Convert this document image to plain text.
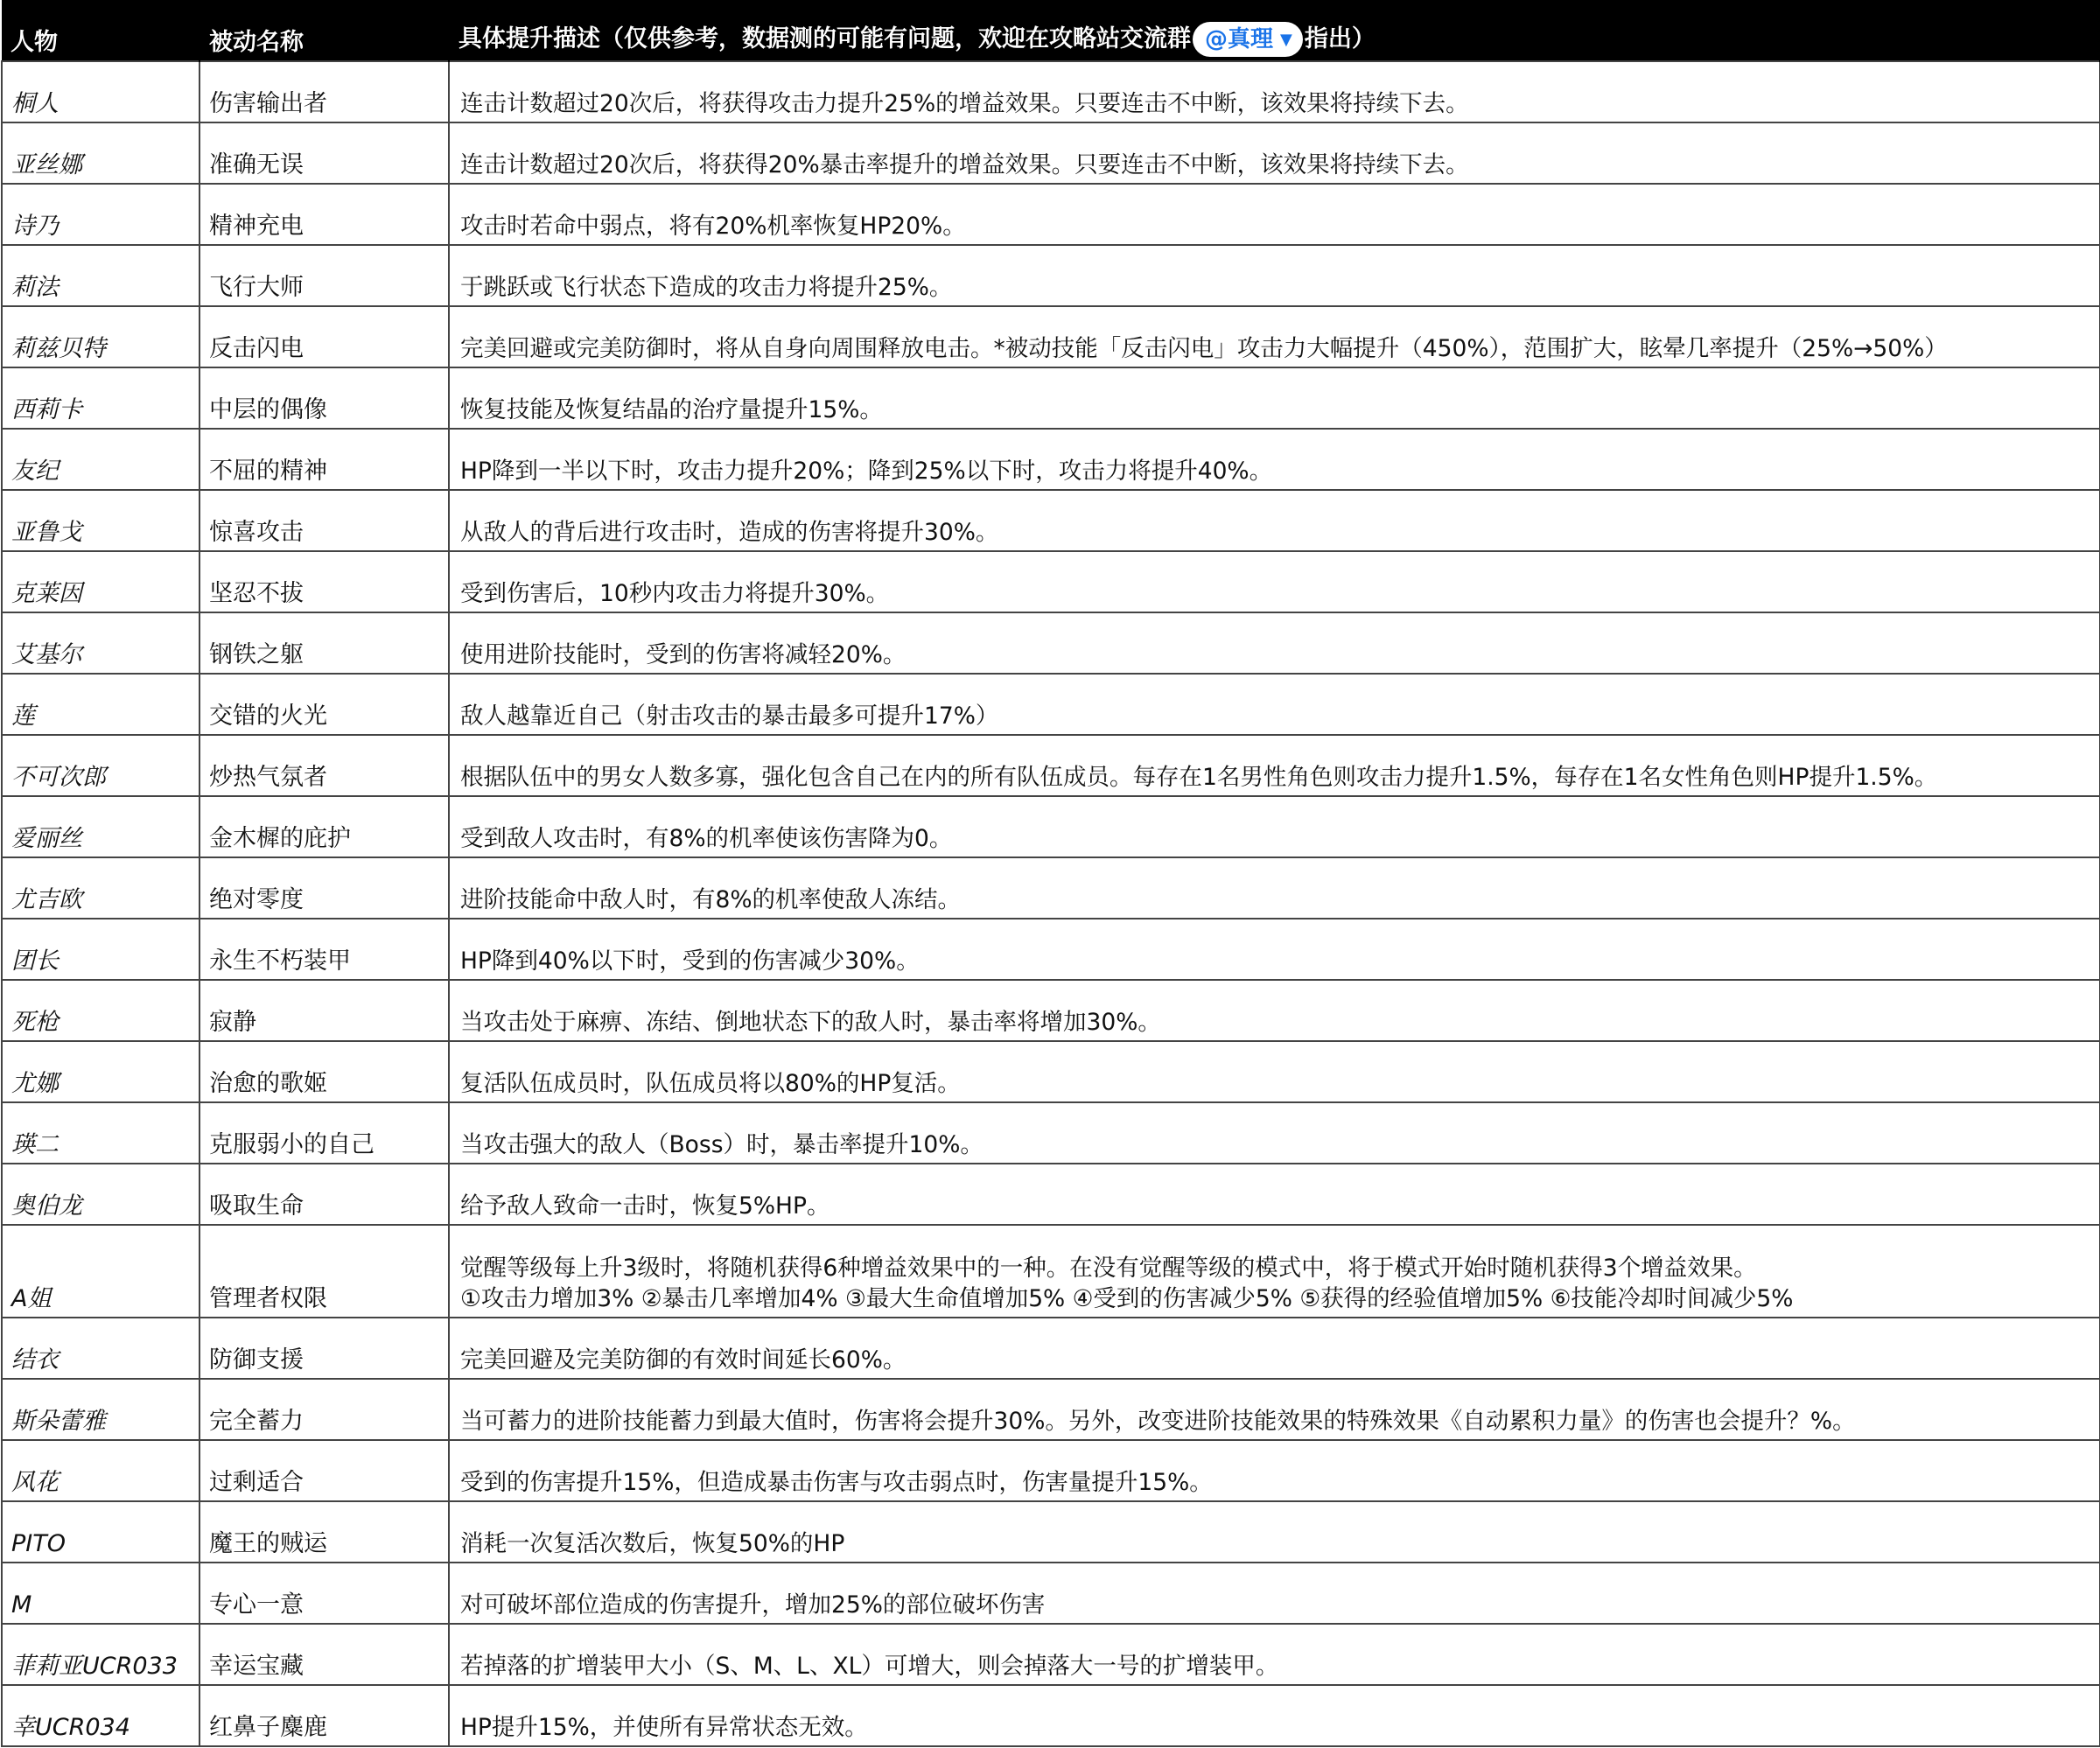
人物	被动名称	具体提升描述（仅供参考，数据测的可能有问题，欢迎在攻略站交流群 @真理 ▼ 指出）
桐人	伤害输出者	连击计数超过20次后，将获得攻击力提升25%的增益效果。只要连击不中断，该效果将持续下去。

亚丝娜	准确无误	连击计数超过20次后，将获得20%暴击率提升的增益效果。只要连击不中断，该效果将持续下去。

诗乃	精神充电	攻击时若命中弱点，将有20%机率恢复HP20%。

莉法	飞行大师	于跳跃或飞行状态下造成的攻击力将提升25%。

莉兹贝特	反击闪电	完美回避或完美防御时，将从自身向周围释放电击。*被动技能「反击闪电」攻击力大幅提升（450%），范围扩大，眩晕几率提升（25%→50%）

西莉卡	中层的偶像	恢复技能及恢复结晶的治疗量提升15%。

友纪	不屈的精神	HP降到一半以下时，攻击力提升20%；降到25%以下时，攻击力将提升40%。

亚鲁戈	惊喜攻击	从敌人的背后进行攻击时，造成的伤害将提升30%。

克莱因	坚忍不拔	受到伤害后，10秒内攻击力将提升30%。

艾基尔	钢铁之躯	使用进阶技能时，受到的伤害将减轻20%。

莲	交错的火光	敌人越靠近自己（射击攻击的暴击最多可提升17%）

不可次郎	炒热气氛者	根据队伍中的男女人数多寡，强化包含自己在内的所有队伍成员。每存在1名男性角色则攻击力提升1.5%，每存在1名女性角色则HP提升1.5%。

爱丽丝	金木樨的庇护	受到敌人攻击时，有8%的机率使该伤害降为0。

尤吉欧	绝对零度	进阶技能命中敌人时，有8%的机率使敌人冻结。

团长	永生不朽装甲	HP降到40%以下时，受到的伤害减少30%。

死枪	寂静	当攻击处于麻痹、冻结、倒地状态下的敌人时，暴击率将增加30%。

尤娜	治愈的歌姬	复活队伍成员时，队伍成员将以80%的HP复活。

瑛二	克服弱小的自己	当攻击强大的敌人（Boss）时，暴击率提升10%。

奥伯龙	吸取生命	给予敌人致命一击时，恢复5%HP。

A姐	管理者权限	觉醒等级每上升3级时，将随机获得6种增益效果中的一种。在没有觉醒等级的模式中，将于模式开始时随机获得3个增益效果。
①攻击力增加3% ②暴击几率增加4% ③最大生命值增加5% ④受到的伤害减少5% ⑤获得的经验值增加5% ⑥技能冷却时间减少5%

结衣	防御支援	完美回避及完美防御的有效时间延长60%。

斯朵蕾雅	完全蓄力	当可蓄力的进阶技能蓄力到最大值时，伤害将会提升30%。另外，改变进阶技能效果的特殊效果《自动累积力量》的伤害也会提升？%。

风花	过剩适合	受到的伤害提升15%，但造成暴击伤害与攻击弱点时，伤害量提升15%。

PITO	魔王的贼运	消耗一次复活次数后，恢复50%的HP

M	专心一意	对可破坏部位造成的伤害提升，增加25%的部位破坏伤害

菲莉亚UCR033	幸运宝藏	若掉落的扩增装甲大小（S、M、L、XL）可增大，则会掉落大一号的扩增装甲。

幸UCR034	红鼻子麋鹿	HP提升15%，并使所有异常状态无效。
